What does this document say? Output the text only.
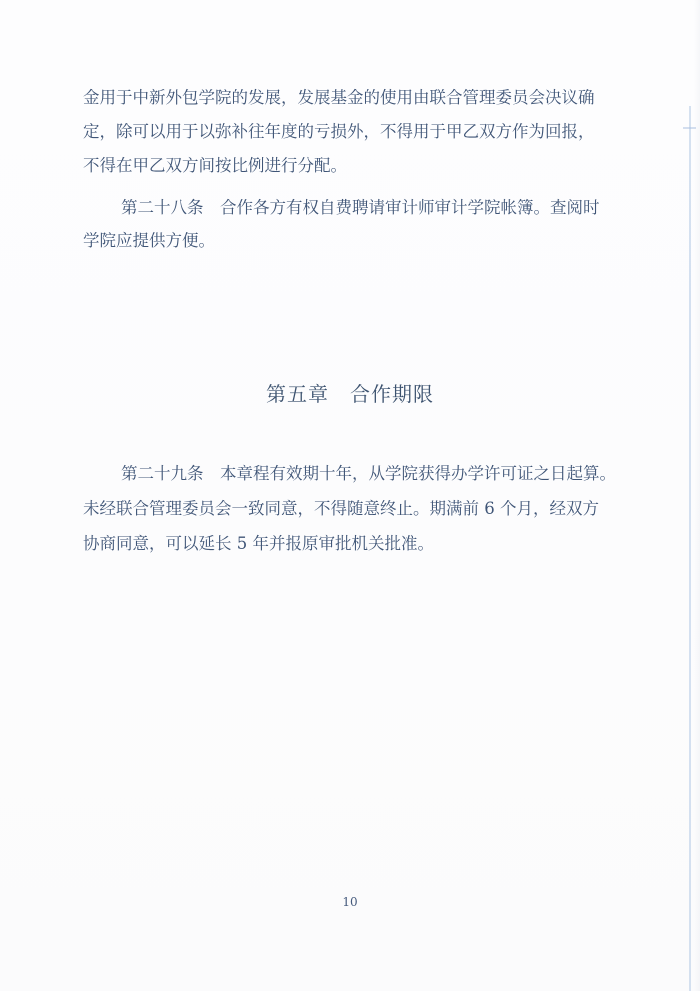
金用于中新外包学院的发展，发展基金的使用由联合管理委员会决议确
定，除可以用于以弥补往年度的亏损外，不得用于甲乙双方作为回报，
不得在甲乙双方间按比例进行分配。
第二十八条　合作各方有权自费聘请审计师审计学院帐簿。查阅时
学院应提供方便。
第五章　合作期限
第二十九条　本章程有效期十年，从学院获得办学许可证之日起算。
未经联合管理委员会一致同意，不得随意终止。期满前 6 个月，经双方
协商同意，可以延长 5 年并报原审批机关批准。
10
